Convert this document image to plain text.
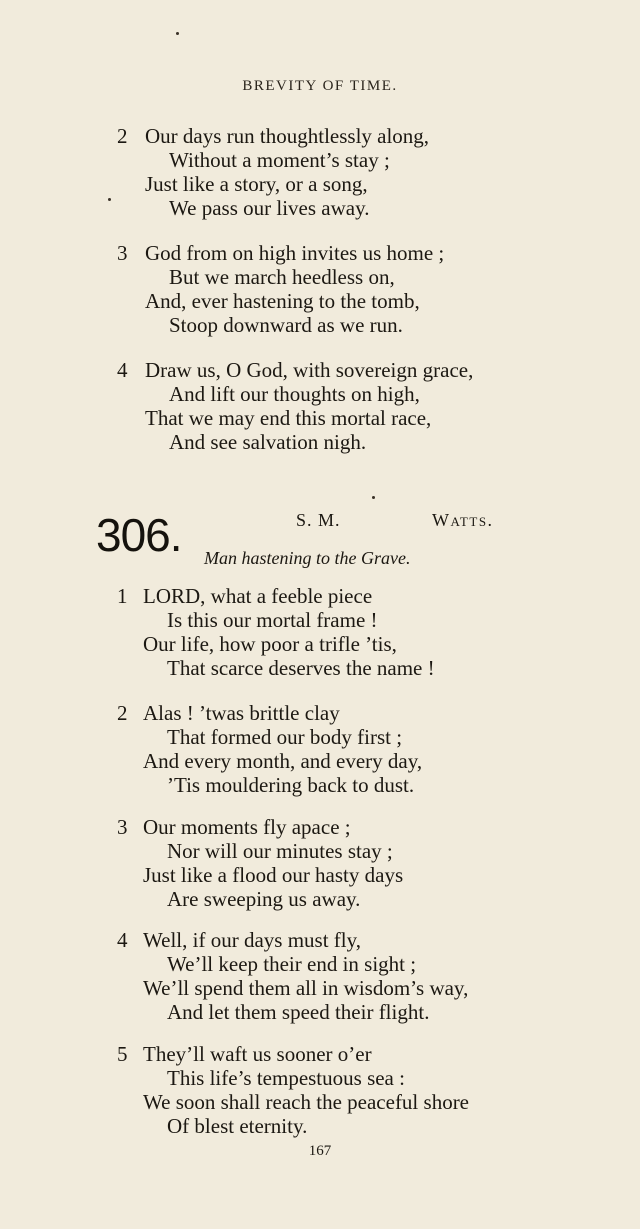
BREVITY OF TIME.
2 Our days run thoughtlessly along,
Without a moment’s stay ;
Just like a story, or a song,
We pass our lives away.
3 God from on high invites us home ;
But we march heedless on,
And, ever hastening to the tomb,
Stoop downward as we run.
4 Draw us, O God, with sovereign grace,
And lift our thoughts on high,
That we may end this mortal race,
And see salvation nigh.
306.	S. M.	Watts.
Man hastening to the Grave.
1 LORD, what a feeble piece
Is this our mortal frame !
Our life, how poor a trifle ’tis,
That scarce deserves the name !
2 Alas ! ’twas brittle clay
That formed our body first ;
And every month, and every day,
’Tis mouldering back to dust.
3 Our moments fly apace ;
Nor will our minutes stay ;
Just like a flood our hasty days
Are sweeping us away.
4 Well, if our days must fly,
We’ll keep their end in sight ;
We’ll spend them all in wisdom’s way,
And let them speed their flight.
5 They’ll waft us sooner o’er
This life’s tempestuous sea :
We soon shall reach the peaceful shore
Of blest eternity.
167
